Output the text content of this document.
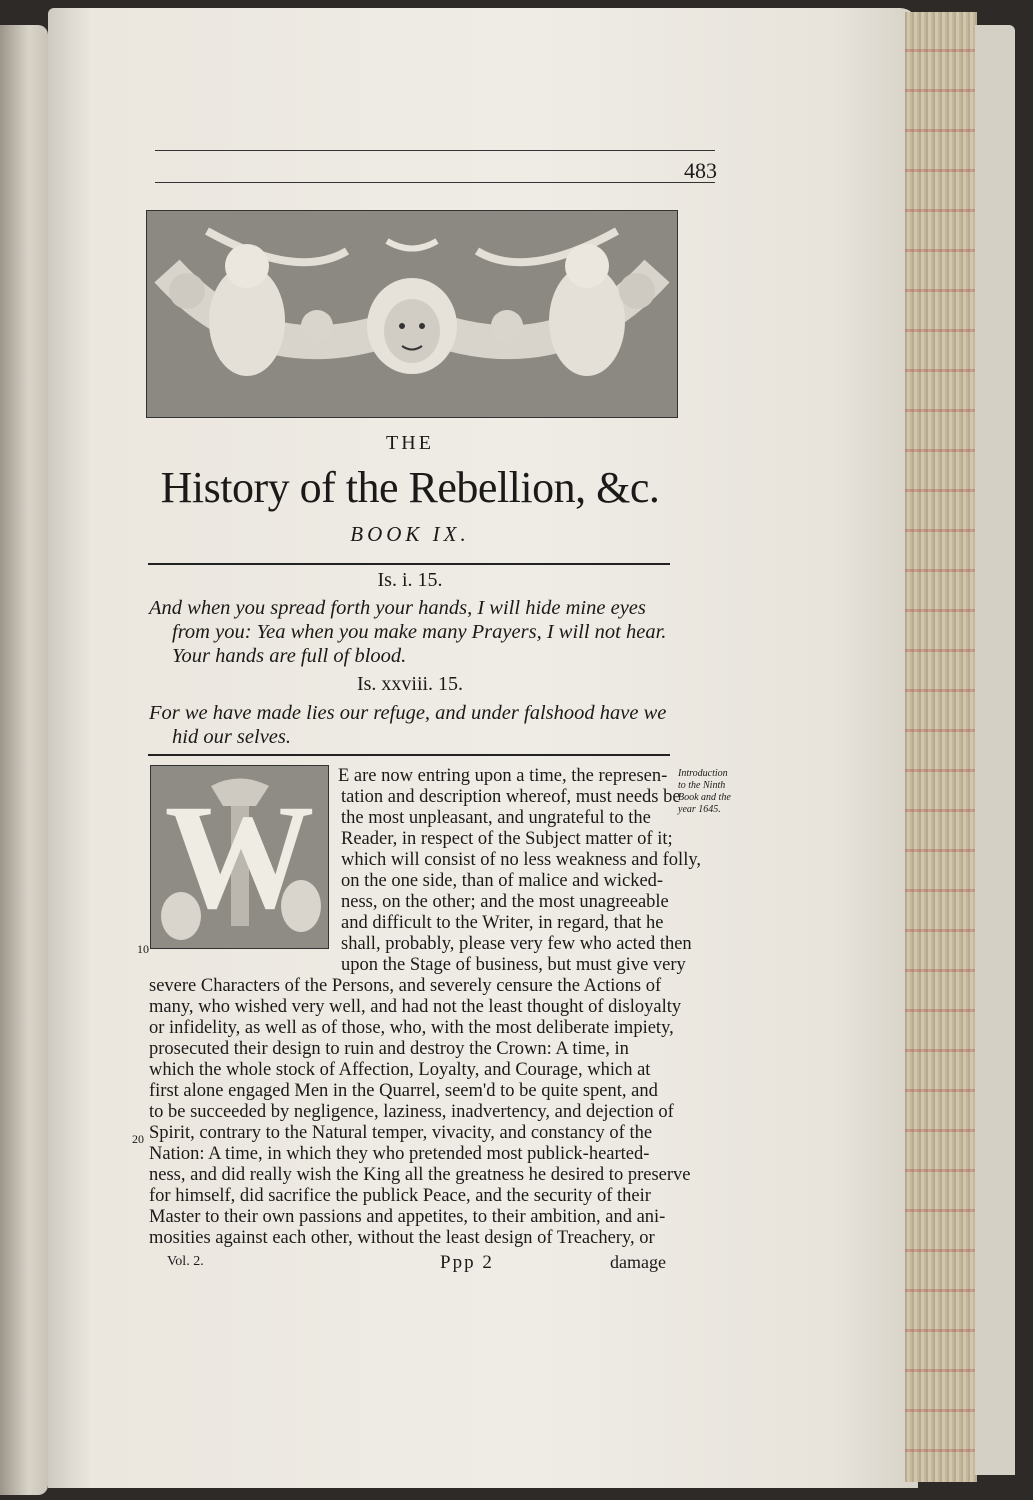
483
THE
History of the Rebellion, &c.
BOOK IX.
Is. i. 15.
And when you spread forth your hands, I will hide mine eyes
from you: Yea when you make many Prayers, I will not hear.
Your hands are full of blood.
Is. xxviii. 15.
For we have made lies our refuge, and under falshood have we
hid our selves.
W
10
20
E are now entring upon a time, the represen-
tation and description whereof, must needs be
the most unpleasant, and ungrateful to the
Reader, in respect of the Subject matter of it;
which will consist of no less weakness and folly,
on the one side, than of malice and wicked-
ness, on the other; and the most unagreeable
and difficult to the Writer, in regard, that he
shall, probably, please very few who acted then
upon the Stage of business, but must give very
severe Characters of the Persons, and severely censure the Actions of
many, who wished very well, and had not the least thought of disloyalty
or infidelity, as well as of those, who, with the most deliberate impiety,
prosecuted their design to ruin and destroy the Crown: A time, in
which the whole stock of Affection, Loyalty, and Courage, which at
first alone engaged Men in the Quarrel, seem'd to be quite spent, and
to be succeeded by negligence, laziness, inadvertency, and dejection of
Spirit, contrary to the Natural temper, vivacity, and constancy of the
Nation: A time, in which they who pretended most publick-hearted-
ness, and did really wish the King all the greatness he desired to preserve
for himself, did sacrifice the publick Peace, and the security of their
Master to their own passions and appetites, to their ambition, and ani-
mosities against each other, without the least design of Treachery, or
Introduction
to the Ninth
Book and the
year 1645.
Vol. 2.	Ppp 2	damage
